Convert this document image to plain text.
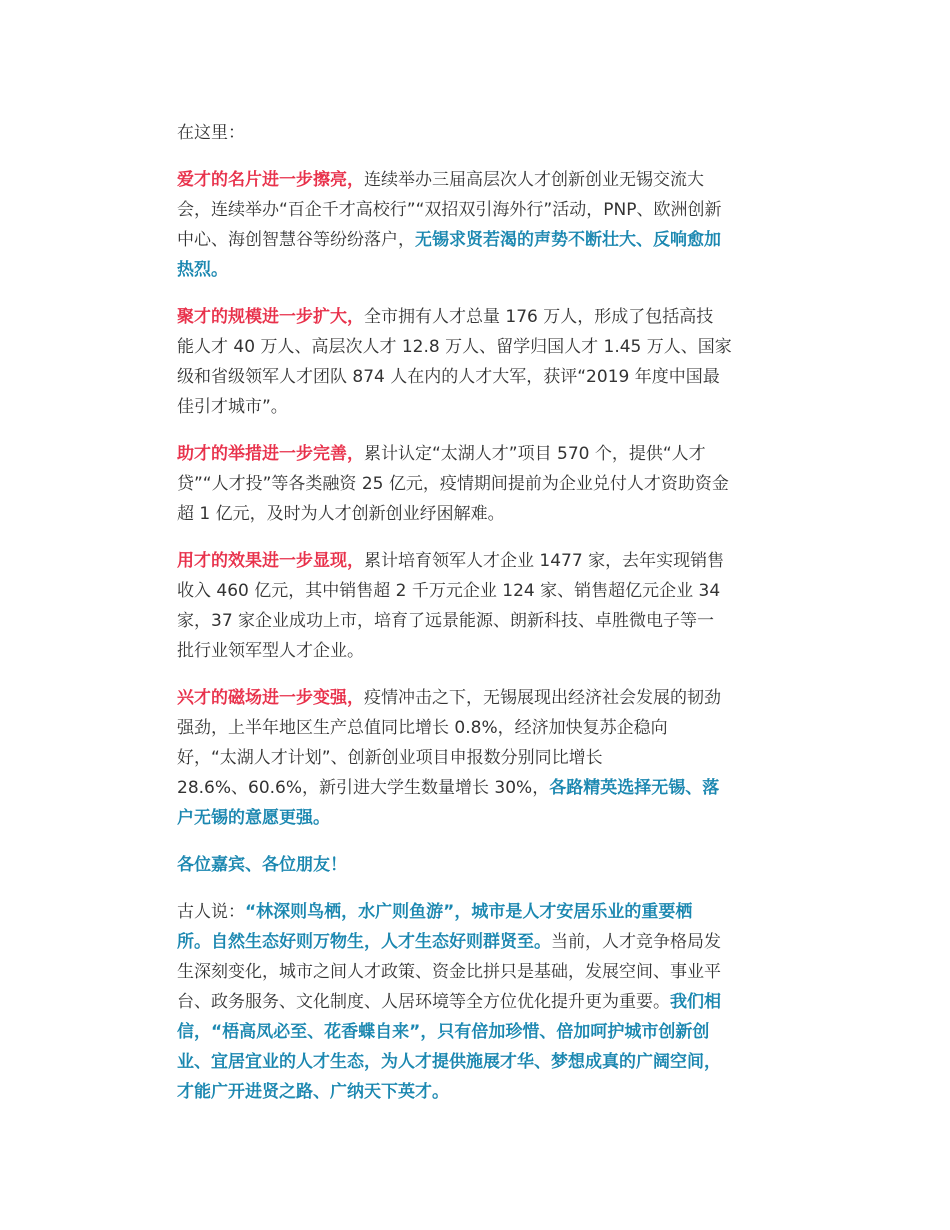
在这里：

爱才的名片进一步擦亮，连续举办三届高层次人才创新创业无锡交流大
会，连续举办“百企千才高校行”“双招双引海外行”活动，PNP、欧洲创新
中心、海创智慧谷等纷纷落户，无锡求贤若渴的声势不断壮大、反响愈加
热烈。

聚才的规模进一步扩大，全市拥有人才总量 176 万人，形成了包括高技
能人才 40 万人、高层次人才 12.8 万人、留学归国人才 1.45 万人、国家
级和省级领军人才团队 874 人在内的人才大军，获评“2019 年度中国最
佳引才城市”。

助才的举措进一步完善，累计认定“太湖人才”项目 570 个，提供“人才
贷”“人才投”等各类融资 25 亿元，疫情期间提前为企业兑付人才资助资金
超 1 亿元，及时为人才创新创业纾困解难。

用才的效果进一步显现，累计培育领军人才企业 1477 家，去年实现销售
收入 460 亿元，其中销售超 2 千万元企业 124 家、销售超亿元企业 34
家，37 家企业成功上市，培育了远景能源、朗新科技、卓胜微电子等一
批行业领军型人才企业。

兴才的磁场进一步变强，疫情冲击之下，无锡展现出经济社会发展的韧劲
强劲，上半年地区生产总值同比增长 0.8%，经济加快复苏企稳向
好，“太湖人才计划”、创新创业项目申报数分别同比增长
28.6%、60.6%，新引进大学生数量增长 30%，各路精英选择无锡、落
户无锡的意愿更强。

各位嘉宾、各位朋友！

古人说：“林深则鸟栖，水广则鱼游”，城市是人才安居乐业的重要栖
所。自然生态好则万物生，人才生态好则群贤至。当前，人才竞争格局发
生深刻变化，城市之间人才政策、资金比拼只是基础，发展空间、事业平
台、政务服务、文化制度、人居环境等全方位优化提升更为重要。我们相
信，“梧高凤必至、花香蝶自来”，只有倍加珍惜、倍加呵护城市创新创
业、宜居宜业的人才生态，为人才提供施展才华、梦想成真的广阔空间，
才能广开进贤之路、广纳天下英才。
